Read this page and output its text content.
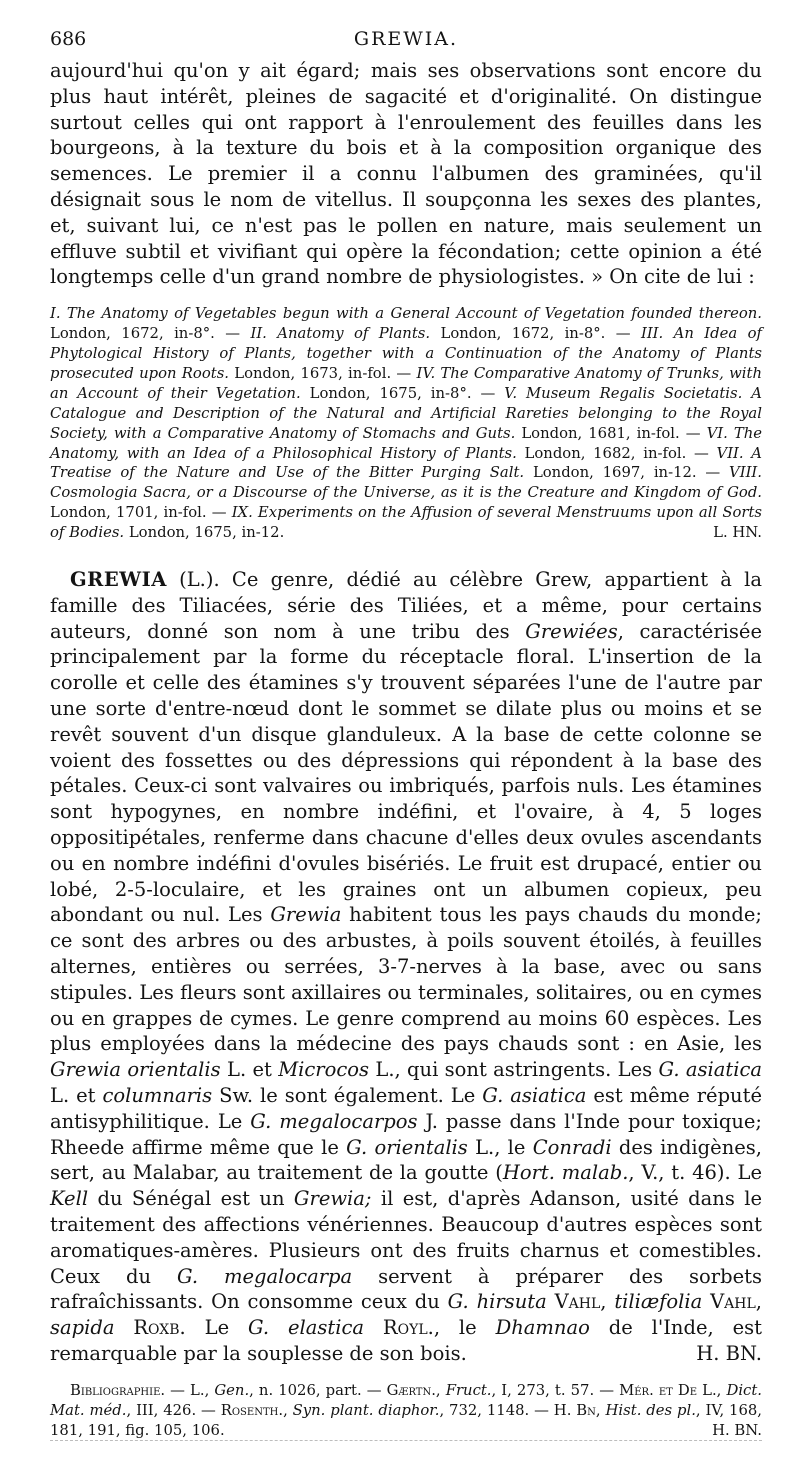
686	GREWIA.

aujourd'hui qu'on y ait égard; mais ses observations sont encore du plus haut intérêt, pleines de sagacité et d'originalité. On distingue surtout celles qui ont rapport à l'enroulement des feuilles dans les bourgeons, à la texture du bois et à la composition organique des semences. Le premier il a connu l'albumen des graminées, qu'il désignait sous le nom de vitellus. Il soupçonna les sexes des plantes, et, suivant lui, ce n'est pas le pollen en nature, mais seulement un effluve subtil et vivifiant qui opère la fécondation; cette opinion a été longtemps celle d'un grand nombre de physiologistes. » On cite de lui :

I. The Anatomy of Vegetables begun with a General Account of Vegetation founded thereon. London, 1672, in-8°. — II. Anatomy of Plants. London, 1672, in-8°. — III. An Idea of Phytological History of Plants, together with a Continuation of the Anatomy of Plants prosecuted upon Roots. London, 1673, in-fol. — IV. The Comparative Anatomy of Trunks, with an Account of their Vegetation. London, 1675, in-8°. — V. Museum Regalis Societatis. A Catalogue and Description of the Natural and Artificial Rareties belonging to the Royal Society, with a Comparative Anatomy of Stomachs and Guts. London, 1681, in-fol. — VI. The Anatomy, with an Idea of a Philosophical History of Plants. London, 1682, in-fol. — VII. A Treatise of the Nature and Use of the Bitter Purging Salt. London, 1697, in-12. — VIII. Cosmologia Sacra, or a Discourse of the Universe, as it is the Creature and Kingdom of God. London, 1701, in-fol. — IX. Experiments on the Affusion of several Menstruums upon all Sorts of Bodies. London, 1675, in-12.	L. HN.

GREWIA (L.). Ce genre, dédié au célèbre Grew, appartient à la famille des Tiliacées, série des Tiliées, et a même, pour certains auteurs, donné son nom à une tribu des Grewiées, caractérisée principalement par la forme du réceptacle floral. L'insertion de la corolle et celle des étamines s'y trouvent séparées l'une de l'autre par une sorte d'entre-nœud dont le sommet se dilate plus ou moins et se revêt souvent d'un disque glanduleux. A la base de cette colonne se voient des fossettes ou des dépressions qui répondent à la base des pétales. Ceux-ci sont valvaires ou imbriqués, parfois nuls. Les étamines sont hypogynes, en nombre indéfini, et l'ovaire, à 4, 5 loges oppositipétales, renferme dans chacune d'elles deux ovules ascendants ou en nombre indéfini d'ovules bisériés. Le fruit est drupacé, entier ou lobé, 2-5-loculaire, et les graines ont un albumen copieux, peu abondant ou nul. Les Grewia habitent tous les pays chauds du monde; ce sont des arbres ou des arbustes, à poils souvent étoilés, à feuilles alternes, entières ou serrées, 3-7-nerves à la base, avec ou sans stipules. Les fleurs sont axillaires ou terminales, solitaires, ou en cymes ou en grappes de cymes. Le genre comprend au moins 60 espèces. Les plus employées dans la médecine des pays chauds sont : en Asie, les Grewia orientalis L. et Microcos L., qui sont astringents. Les G. asiatica L. et columnaris Sw. le sont également. Le G. asiatica est même réputé antisyphilitique. Le G. megalocarpos J. passe dans l'Inde pour toxique; Rheede affirme même que le G. orientalis L., le Conradi des indigènes, sert, au Malabar, au traitement de la goutte (Hort. malab., V., t. 46). Le Kell du Sénégal est un Grewia; il est, d'après Adanson, usité dans le traitement des affections vénériennes. Beaucoup d'autres espèces sont aromatiques-amères. Plusieurs ont des fruits charnus et comestibles. Ceux du G. megalocarpa servent à préparer des sorbets rafraîchissants. On consomme ceux du G. hirsuta Vahl, tiliæfolia Vahl, sapida Roxb. Le G. elastica Royl., le Dhamnao de l'Inde, est remarquable par la souplesse de son bois.	H. BN.

Bibliographie. — L., Gen., n. 1026, part. — Gærtn., Fruct., I, 273, t. 57. — Mér. et De L., Dict. Mat. méd., III, 426. — Rosenth., Syn. plant. diaphor., 732, 1148. — H. Bn, Hist. des pl., IV, 168, 181, 191, fig. 105, 106.	H. BN.
